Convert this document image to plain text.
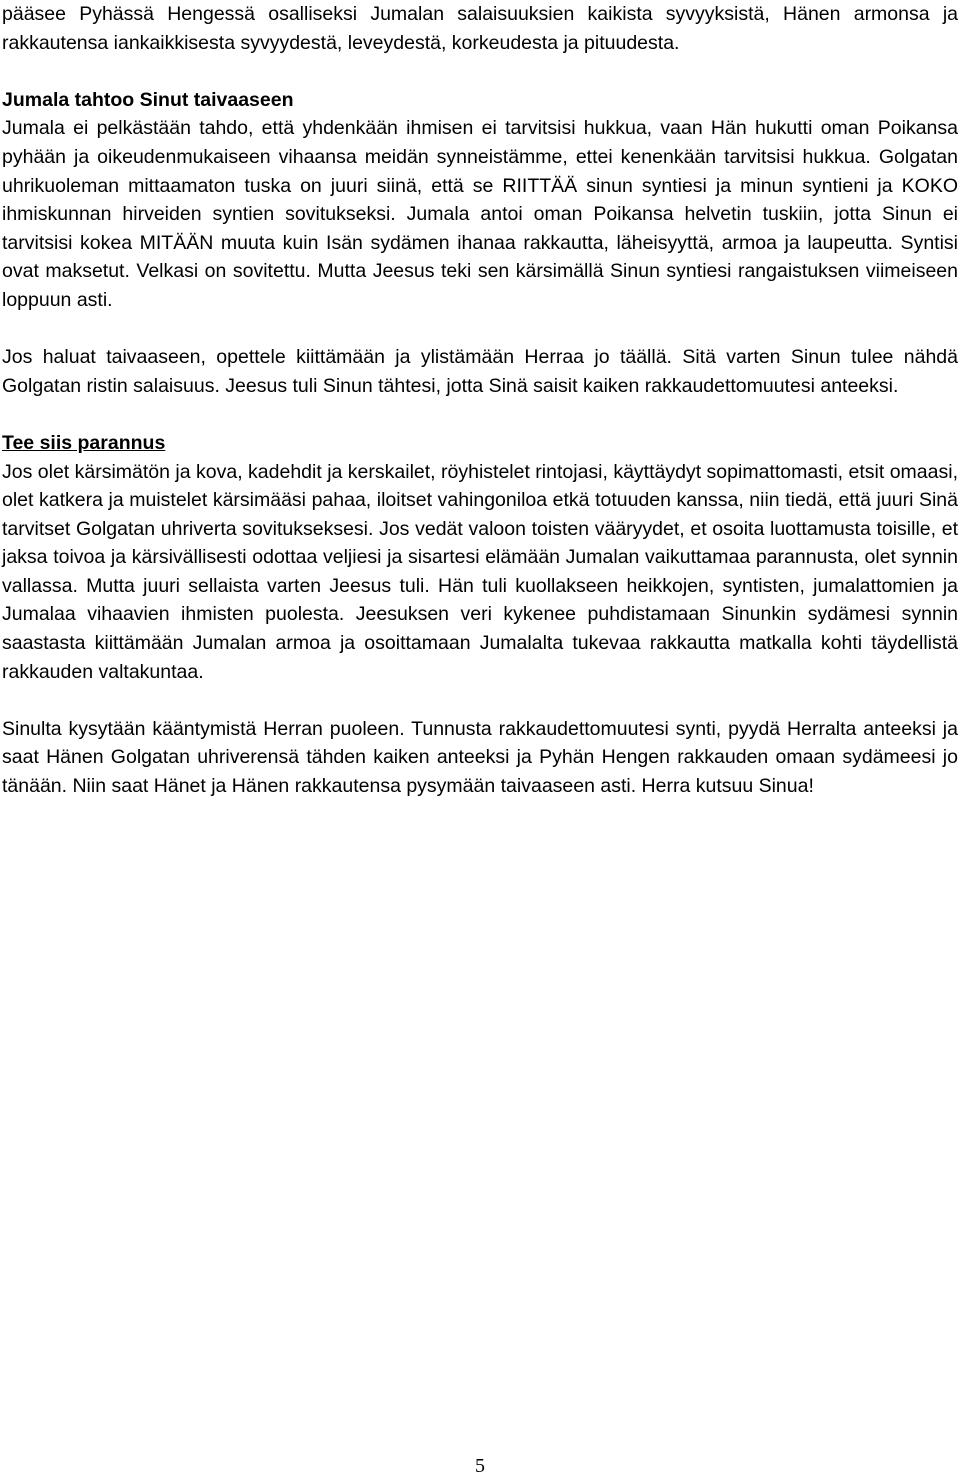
pääsee Pyhässä Hengessä osalliseksi Jumalan salaisuuksien kaikista syvyyksistä, Hänen armonsa ja rakkautensa iankaikkisesta syvyydestä, leveydestä, korkeudesta ja pituudesta.

Jumala tahtoo Sinut taivaaseen
Jumala ei pelkästään tahdo, että yhdenkään ihmisen ei tarvitsisi hukkua, vaan Hän hukutti oman Poikansa pyhään ja oikeudenmukaiseen vihaansa meidän synneistämme, ettei kenenkään tarvitsisi hukkua. Golgatan uhrikuoleman mittaamaton tuska on juuri siinä, että se RIITTÄÄ sinun syntiesi ja minun syntieni ja KOKO ihmiskunnan hirveiden syntien sovitukseksi. Jumala antoi oman Poikansa helvetin tuskiin, jotta Sinun ei tarvitsisi kokea MITÄÄN muuta kuin Isän sydämen ihanaa rakkautta, läheisyyttä, armoa ja laupeutta. Syntisi ovat maksetut. Velkasi on sovitettu. Mutta Jeesus teki sen kärsimällä Sinun syntiesi rangaistuksen viimeiseen loppuun asti.

Jos haluat taivaaseen, opettele kiittämään ja ylistämään Herraa jo täällä. Sitä varten Sinun tulee nähdä Golgatan ristin salaisuus. Jeesus tuli Sinun tähtesi, jotta Sinä saisit kaiken rakkaudettomuutesi anteeksi.

Tee siis parannus
Jos olet kärsimätön ja kova, kadehdit ja kerskailet, röyhistelet rintojasi, käyttäydyt sopimattomasti, etsit omaasi, olet katkera ja muistelet kärsimääsi pahaa, iloitset vahingoniloa etkä totuuden kanssa, niin tiedä, että juuri Sinä tarvitset Golgatan uhriverta sovitukseksesi. Jos vedät valoon toisten vääryydet, et osoita luottamusta toisille, et jaksa toivoa ja kärsivällisesti odottaa veljiesi ja sisartesi elämään Jumalan vaikuttamaa parannusta, olet synnin vallassa. Mutta juuri sellaista varten Jeesus tuli. Hän tuli kuollakseen heikkojen, syntisten, jumalattomien ja Jumalaa vihaavien ihmisten puolesta. Jeesuksen veri kykenee puhdistamaan Sinunkin sydämesi synnin saastasta kiittämään Jumalan armoa ja osoittamaan Jumalalta tukevaa rakkautta matkalla kohti täydellistä rakkauden valtakuntaa.

Sinulta kysytään kääntymistä Herran puoleen. Tunnusta rakkaudettomuutesi synti, pyydä Herralta anteeksi ja saat Hänen Golgatan uhriverensä tähden kaiken anteeksi ja Pyhän Hengen rakkauden omaan sydämeesi jo tänään. Niin saat Hänet ja Hänen rakkautensa pysymään taivaaseen asti. Herra kutsuu Sinua!

5
